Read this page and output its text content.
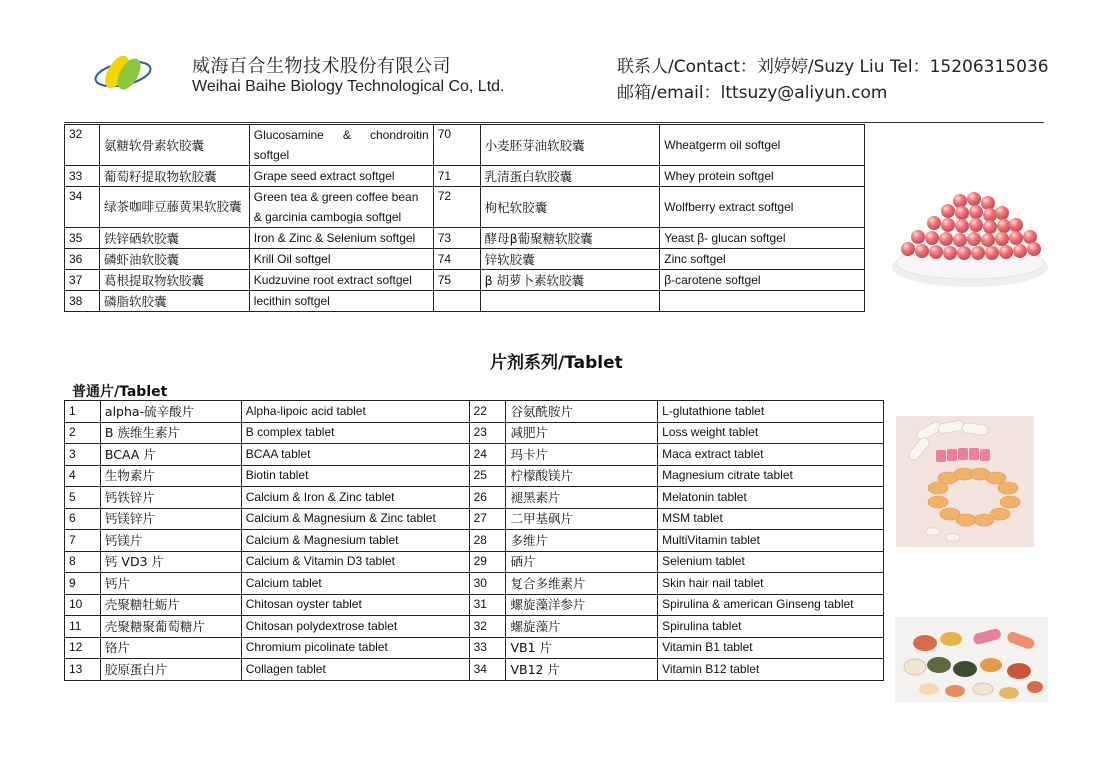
威海百合生物技术股份有限公司
Weihai Baihe Biology Technological Co, Ltd.
联系人/Contact：刘婷婷/Suzy Liu Tel：15206315036
邮箱/email：lttsuzy@aliyun.com
32	氨糖软骨素软胶囊	Glucosamine & chondroitin softgel	70	小麦胚芽油软胶囊	Wheatgerm oil softgel
33	葡萄籽提取物软胶囊	Grape seed extract softgel	71	乳清蛋白软胶囊	Whey protein softgel
34	绿茶咖啡豆藤黄果软胶囊	Green tea & green coffee bean & garcinia cambogia softgel	72	枸杞软胶囊	Wolfberry extract softgel
35	铁锌硒软胶囊	Iron & Zinc & Selenium softgel	73	酵母β葡聚糖软胶囊	Yeast β- glucan softgel
36	磷虾油软胶囊	Krill Oil softgel	74	锌软胶囊	Zinc softgel
37	葛根提取物软胶囊	Kudzuvine root extract softgel	75	β 胡萝卜素软胶囊	β-carotene softgel
38	磷脂软胶囊	lecithin softgel			
片剂系列/Tablet
普通片/Tablet
1	alpha-硫辛酸片	Alpha-lipoic acid tablet	22	谷氨酰胺片	L-glutathione tablet
2	B 族维生素片	B complex tablet	23	减肥片	Loss weight tablet
3	BCAA 片	BCAA tablet	24	玛卡片	Maca extract tablet
4	生物素片	Biotin tablet	25	柠檬酸镁片	Magnesium citrate tablet
5	钙铁锌片	Calcium & Iron & Zinc tablet	26	褪黑素片	Melatonin tablet
6	钙镁锌片	Calcium & Magnesium & Zinc tablet	27	二甲基砜片	MSM tablet
7	钙镁片	Calcium & Magnesium tablet	28	多维片	MultiVitamin tablet
8	钙 VD3 片	Calcium & Vitamin D3 tablet	29	硒片	Selenium tablet
9	钙片	Calcium tablet	30	复合多维素片	Skin hair nail tablet
10	壳聚糖牡蛎片	Chitosan oyster tablet	31	螺旋藻洋参片	Spirulina & american Ginseng tablet
11	壳聚糖聚葡萄糖片	Chitosan polydextrose tablet	32	螺旋藻片	Spirulina tablet
12	铬片	Chromium picolinate tablet	33	VB1 片	Vitamin B1 tablet
13	胶原蛋白片	Collagen tablet	34	VB12 片	Vitamin B12 tablet
